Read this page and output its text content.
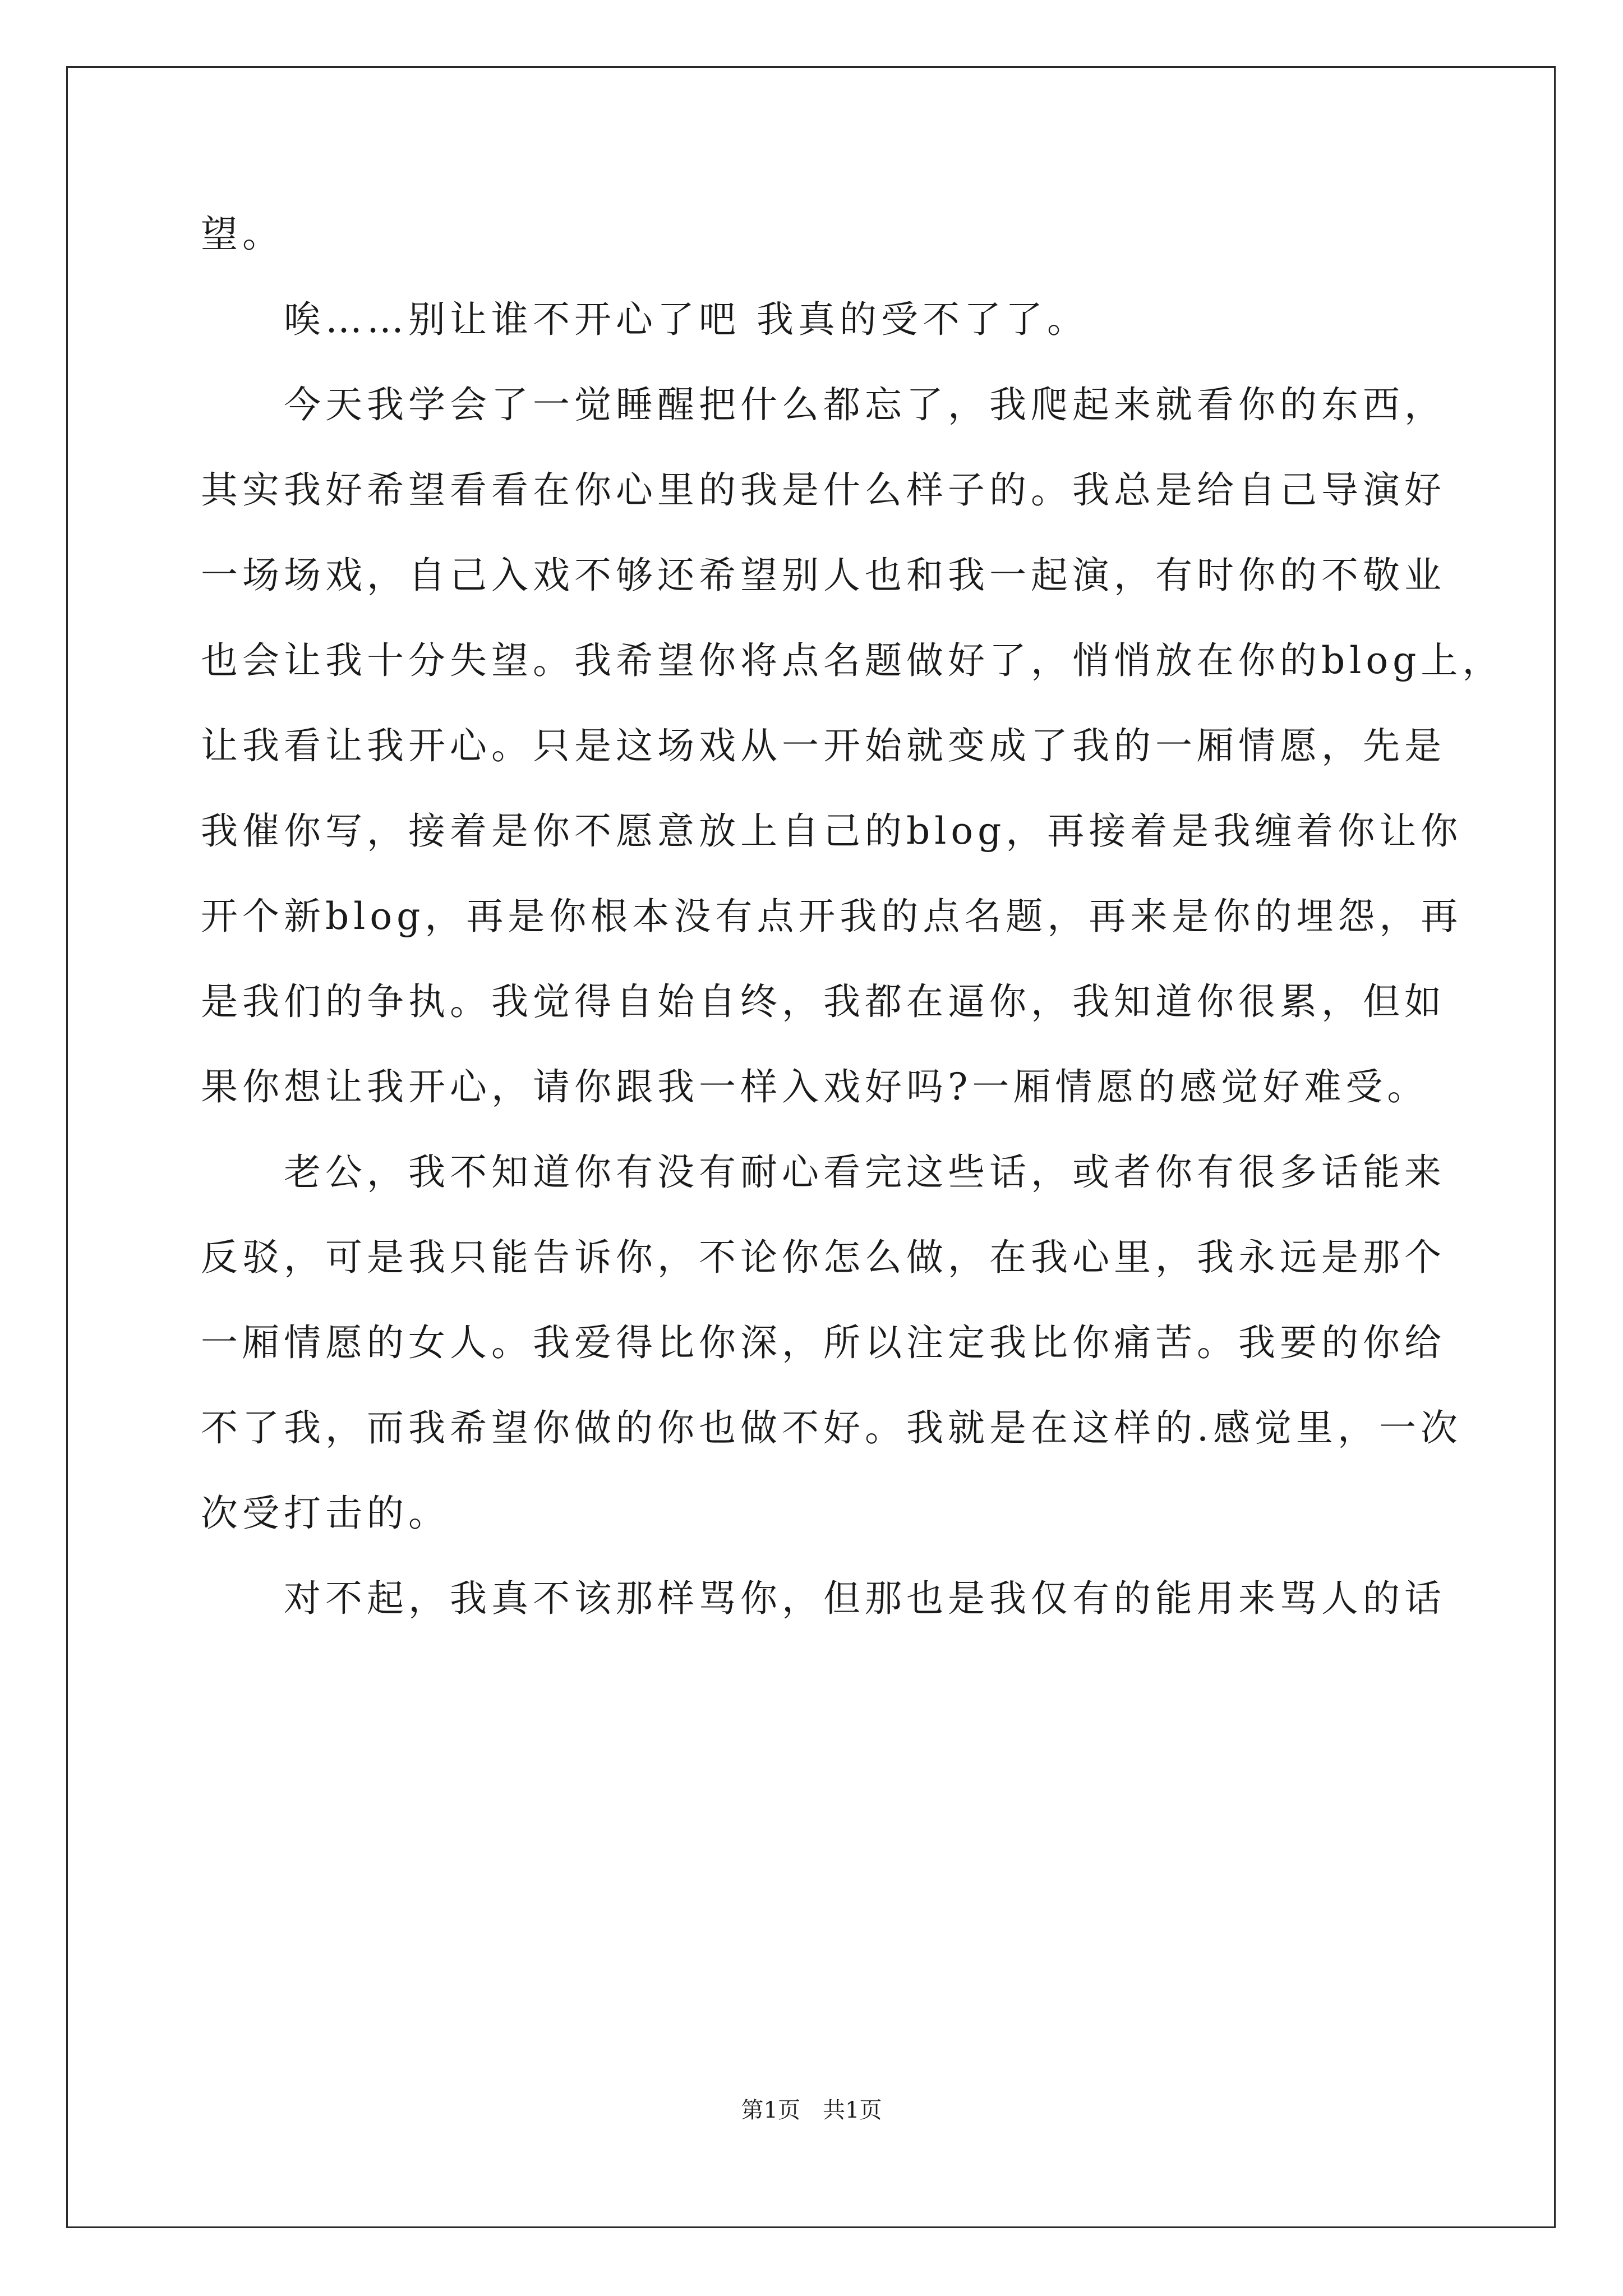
望。
唉……别让谁不开心了吧 我真的受不了了。
今天我学会了一觉睡醒把什么都忘了，我爬起来就看你的东西，
其实我好希望看看在你心里的我是什么样子的。我总是给自己导演好
一场场戏，自己入戏不够还希望别人也和我一起演，有时你的不敬业
也会让我十分失望。我希望你将点名题做好了，悄悄放在你的blog上，
让我看让我开心。只是这场戏从一开始就变成了我的一厢情愿，先是
我催你写，接着是你不愿意放上自己的blog，再接着是我缠着你让你
开个新blog，再是你根本没有点开我的点名题，再来是你的埋怨，再
是我们的争执。我觉得自始自终，我都在逼你，我知道你很累，但如
果你想让我开心，请你跟我一样入戏好吗?一厢情愿的感觉好难受。
老公，我不知道你有没有耐心看完这些话，或者你有很多话能来
反驳，可是我只能告诉你，不论你怎么做，在我心里，我永远是那个
一厢情愿的女人。我爱得比你深，所以注定我比你痛苦。我要的你给
不了我，而我希望你做的你也做不好。我就是在这样的.感觉里，一次
次受打击的。
对不起，我真不该那样骂你，但那也是我仅有的能用来骂人的话
第1页 共1页
